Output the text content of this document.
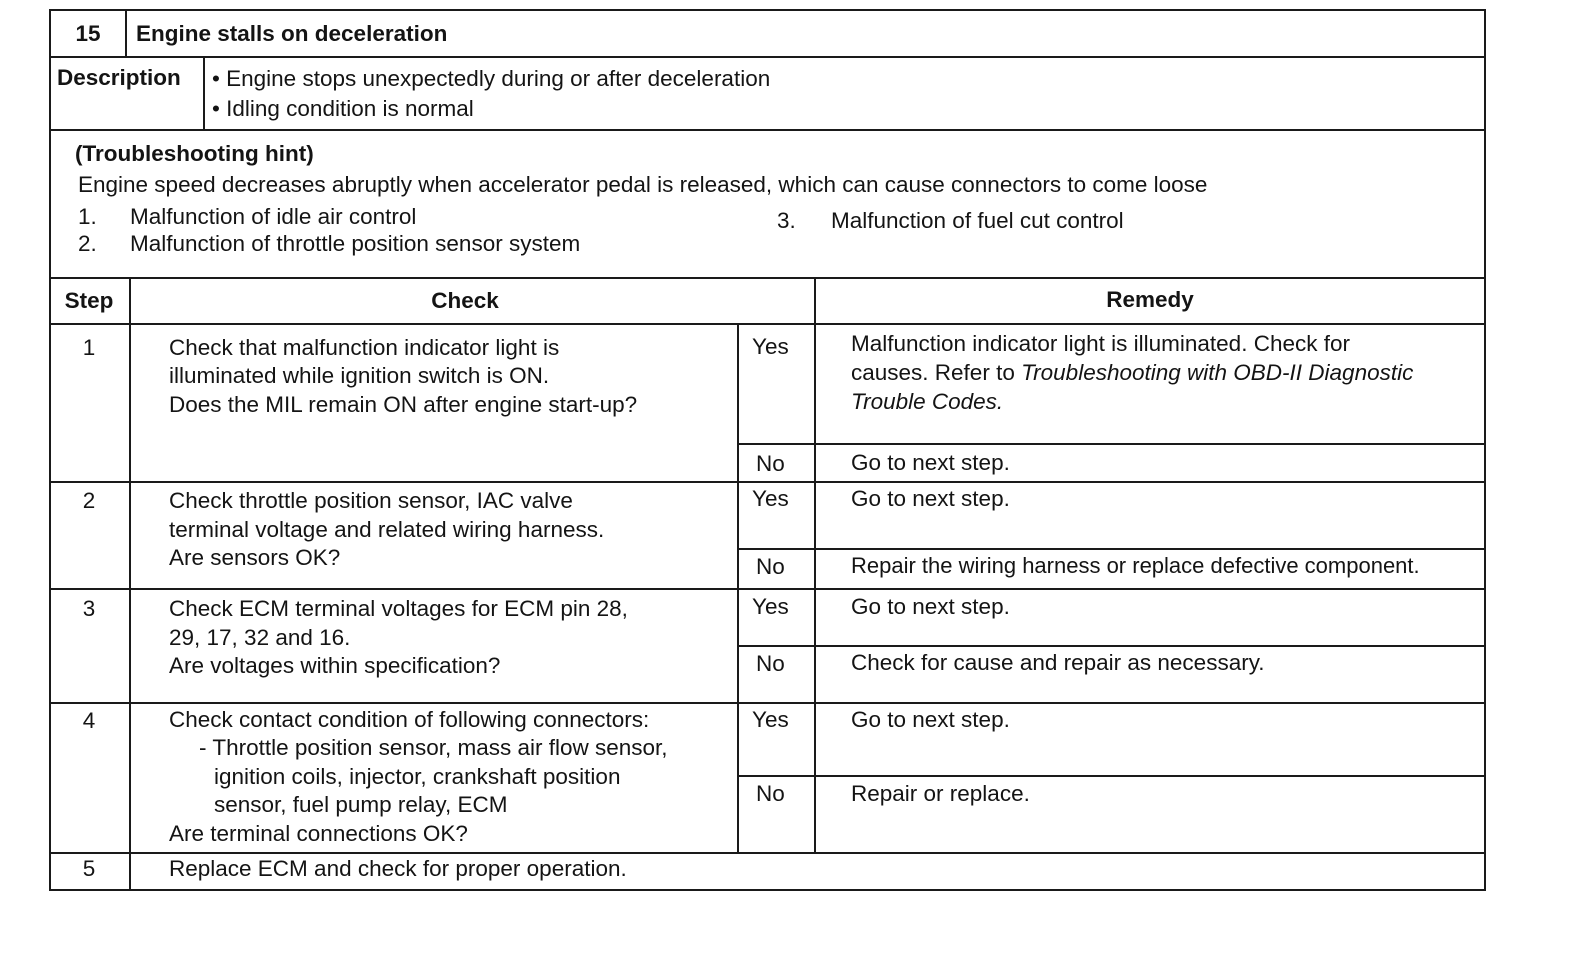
15	Engine stalls on deceleration
Description • Engine stops unexpectedly during or after deceleration
• Idling condition is normal
(Troubleshooting hint)
Engine speed decreases abruptly when accelerator pedal is released, which can cause connectors to come loose
1. Malfunction of idle air control
2. Malfunction of throttle position sensor system
3. Malfunction of fuel cut control
Step	Check	Remedy
1	Check that malfunction indicator light is
illuminated while ignition switch is ON.
Does the MIL remain ON after engine start-up?
Yes	Malfunction indicator light is illuminated. Check for
causes. Refer to Troubleshooting with OBD-II Diagnostic
Trouble Codes.
No	Go to next step.
2	Check throttle position sensor, IAC valve
terminal voltage and related wiring harness.
Are sensors OK?
Yes	Go to next step.
No	Repair the wiring harness or replace defective component.
3	Check ECM terminal voltages for ECM pin 28,
29, 17, 32 and 16.
Are voltages within specification?
Yes	Go to next step.
No	Check for cause and repair as necessary.
4	Check contact condition of following connectors:
- Throttle position sensor, mass air flow sensor,
ignition coils, injector, crankshaft position
sensor, fuel pump relay, ECM
Are terminal connections OK?
Yes	Go to next step.
No	Repair or replace.
5	Replace ECM and check for proper operation.
